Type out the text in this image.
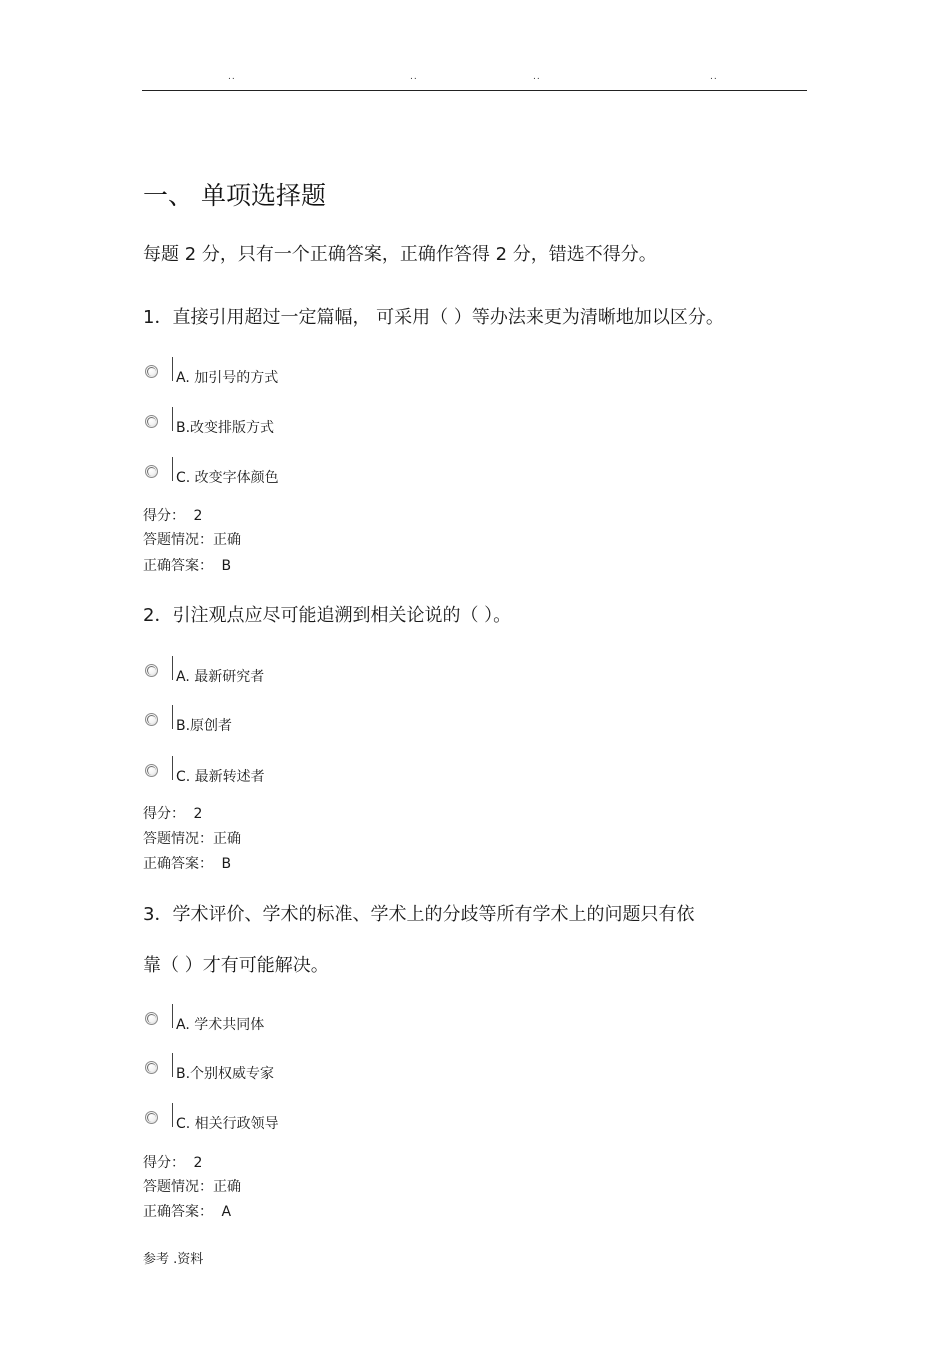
..	..	..	..
一、 单项选择题
每题 2 分，只有一个正确答案，正确作答得 2 分，错选不得分。
1．直接引用超过一定篇幅， 可采用（ ）等办法来更为清晰地加以区分。
A. 加引号的方式
B.改变排版方式
C. 改变字体颜色
得分： 2
答题情况：正确
正确答案： B
2．引注观点应尽可能追溯到相关论说的（ ）。
A. 最新研究者
B.原创者
C. 最新转述者
得分： 2
答题情况：正确
正确答案： B
3．学术评价、学术的标准、学术上的分歧等所有学术上的问题只有依
靠（ ）才有可能解决。
A. 学术共同体
B.个别权威专家
C. 相关行政领导
得分： 2
答题情况：正确
正确答案： A
参考 .资料
